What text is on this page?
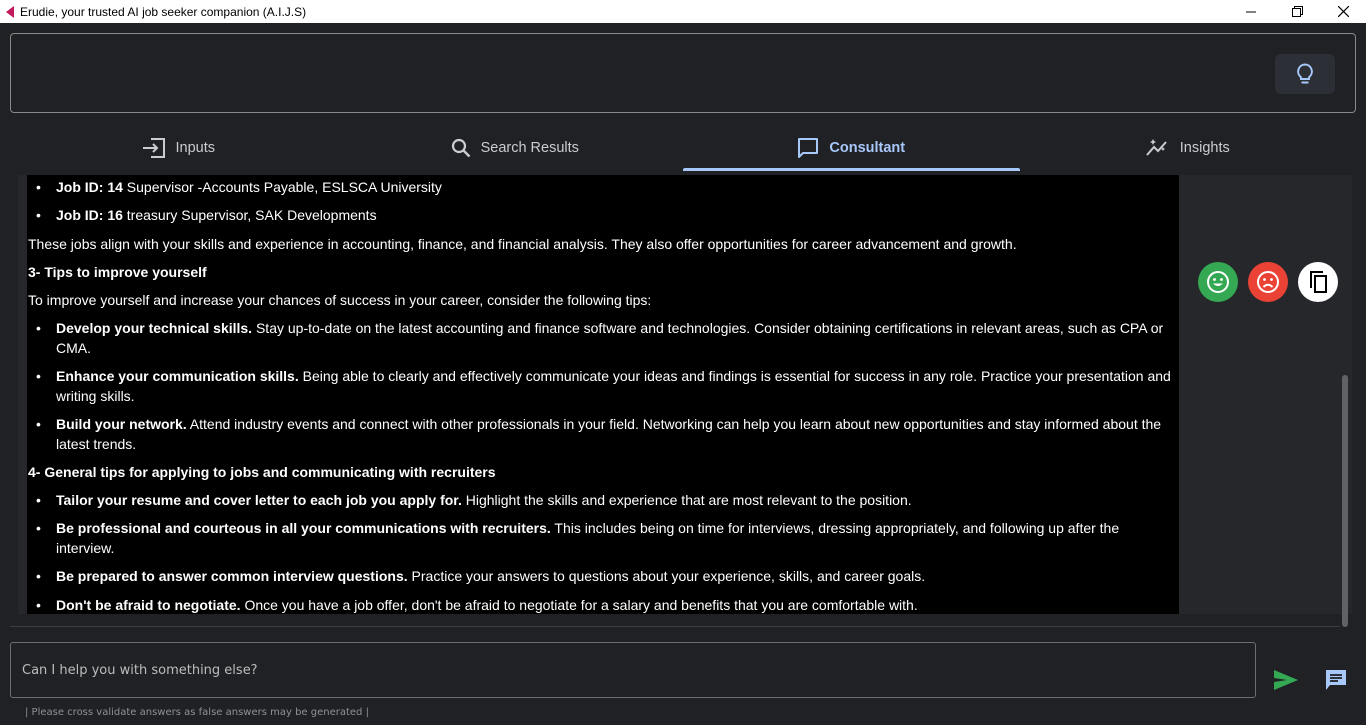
Erudie, your trusted AI job seeker companion (A.I.J.S)
Inputs	Search Results	Consultant	Insights
• Job ID: 14 Supervisor -Accounts Payable, ESLSCA University
• Job ID: 16 treasury Supervisor, SAK Developments
These jobs align with your skills and experience in accounting, finance, and financial analysis. They also offer opportunities for career advancement and growth.
3- Tips to improve yourself
To improve yourself and increase your chances of success in your career, consider the following tips:
• Develop your technical skills. Stay up-to-date on the latest accounting and finance software and technologies. Consider obtaining certifications in relevant areas, such as CPA or CMA.
• Enhance your communication skills. Being able to clearly and effectively communicate your ideas and findings is essential for success in any role. Practice your presentation and writing skills.
• Build your network. Attend industry events and connect with other professionals in your field. Networking can help you learn about new opportunities and stay informed about the latest trends.
4- General tips for applying to jobs and communicating with recruiters
• Tailor your resume and cover letter to each job you apply for. Highlight the skills and experience that are most relevant to the position.
• Be professional and courteous in all your communications with recruiters. This includes being on time for interviews, dressing appropriately, and following up after the interview.
• Be prepared to answer common interview questions. Practice your answers to questions about your experience, skills, and career goals.
• Don't be afraid to negotiate. Once you have a job offer, don't be afraid to negotiate for a salary and benefits that you are comfortable with.
Can I help you with something else?
| Please cross validate answers as false answers may be generated |
